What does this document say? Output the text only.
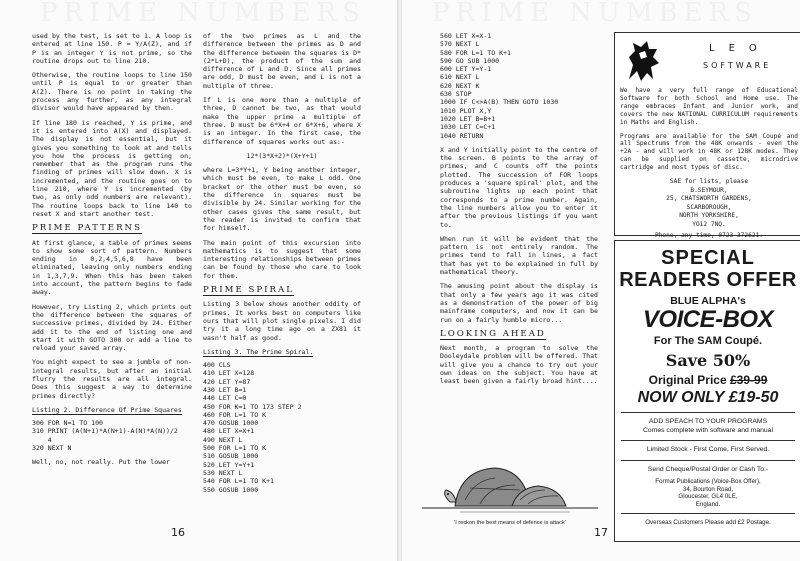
PRIME NUMBERS

used by the test, is set to 1. A loop is entered at line 150. P = Y/A(Z), and if P is an integer Y is not prime, so the routine drops out to line 210.

Otherwise, the routine loops to line 150 until P is equal to or greater than A(Z). There is no point in taking the process any further, as any integral divisor would have appeared by then.

If line 180 is reached, Y is prime, and it is entered into A(X) and displayed. The display is not essential, but it gives you something to look at and tells you how the process is getting on, remember that as the program runs the finding of primes will slow down. X is incremented, and the routine goes on to line 210, where Y is incremented (by two, as only odd numbers are relevant). The routine loops back to line 140 to reset X and start another test.

PRIME PATTERNS

At first glance, a table of primes seems to show some sort of pattern. Numbers ending in 0,2,4,5,6,8 have been eliminated, leaving only numbers ending in 1,3,7,9. When this has been taken into account, the pattern begins to fade away.

However, try Listing 2, which prints out the difference between the squares of successive primes, divided by 24. Either add it to the end of listing one and start it with GOTO 300 or add a line to reload your saved array.

You might expect to see a jumble of non-integral results, but after an initial flurry the results are all integral. Does this suggest a way to determine primes directly?

Listing 2. Difference Of Prime Squares
300 FOR N=1 TO 100
310 PRINT (A(N+1)*A(N+1)-A(N)*A(N))/2
4
320 NEXT N

Well, no, not really. Put the lower

of the two primes as L and the difference between the primes as D and the difference between the squares is D*(2*L+D), the product of the sum and difference of L and D. Since all primes are odd, D must be even, and L is not a multiple of three.

If L is one more than a multiple of three, D cannot be two, as that would make the upper prime a multiple of three. D must be 6*X+4 or 6*X+6, where X is an integer. In the first case, the difference of squares works out as:-

12*(3*X+2)*(X+Y+1)

where L=3*Y+1, Y being another integer, which must be even, to make L odd. One bracket or the other must be even, so the difference in squares must be divisible by 24. Similar working for the other cases gives the same result, but the reader is invited to confirm that for himself.

The main point of this excursion into mathematics is to suggest that some interesting relationships between primes can be found by those who care to look for them.

PRIME SPIRAL

Listing 3 below shows another oddity of primes. It works best on computers like ours that will plot single pixels. I did try it a long time ago on a ZX81 it wasn't half as good.

Listing 3. The Prime Spiral.
400 CLS
410 LET X=128
420 LET Y=87
430 LET B=1
440 LET C=0
450 FOR K=1 TO 173 STEP 2
460 FOR L=1 TO K
470 GOSUB 1000
480 LET X=X+1
490 NEXT L
500 FOR L=1 TO K
510 GOSUB 1000
520 LET Y=Y+1
530 NEXT L
540 FOR L=1 TO K+1
550 GOSUB 1000
16
PRIME NUMBERS
560 LET X=X-1
570 NEXT L
580 FOR L=1 TO K+1
590 GO SUB 1000
600 LET Y=Y-1
610 NEXT L
620 NEXT K
630 STOP
1000 IF C<>A(B) THEN GOTO 1030
1010 PLOT X,Y
1020 LET B=B+1
1030 LET C=C+1
1040 RETURN

X and Y initially point to the centre of the screen. B points to the array of primes, and C counts off the points plotted. The succession of FOR loops produces a 'square spiral' plot, and the subroutine lights up each point that corresponds to a prime number. Again, the line numbers allow you to enter it after the previous listings if you want to.

When run it will be evident that the pattern is not entirely random. The primes tend to fall in lines, a fact that has yet to be explained in full by mathematical theory.

The amusing point about the display is that only a few years ago it was cited as a demonstration of the power of big mainframe computers, and now it can be run on a fairly humble micro...

LOOKING AHEAD

Next month, a program to solve the Dooleydale problem will be offered. That will give you a chance to try out your own ideas on the subject. You have at least been given a fairly broad hint....

'I reckon the best means of defence is attack'
LEO
SOFTWARE

We have a very full range of Educational Software for both School and Home use. The range embraces Infant and Junior work, and covers the new NATIONAL CURRICULUM requirements in Maths and English.

Programs are available for the SAM Coupé and all Spectrums from the 48K onwards - even the +2A - and will work in 48K or 128K modes. They can be supplied on cassette, microdrive cartridge and most types of disc.

SAE for lists, please
B.SEYMOUR,
25, CHATSWORTH GARDENS,
SCARBOROUGH,
NORTH YORKSHIRE,
YO12 7NQ.
Phone, any time, 0723 372621.
SPECIAL
READERS OFFER
BLUE ALPHA's
VOICE-BOX
For The SAM Coupé.
Save 50%
Original Price £39-99
NOW ONLY £19-50
ADD SPEACH TO YOUR PROGRAMS
Comes complete with software and manual
Limited Stock - First Come, First Served.
Send Cheque/Postal Order or Cash To:-
Format Publications (Voice-Box Offer),
34, Bourton Road,
Gloucester, GL4 0LE,
England.
Overseas Customers Please add £2 Postage.
17
